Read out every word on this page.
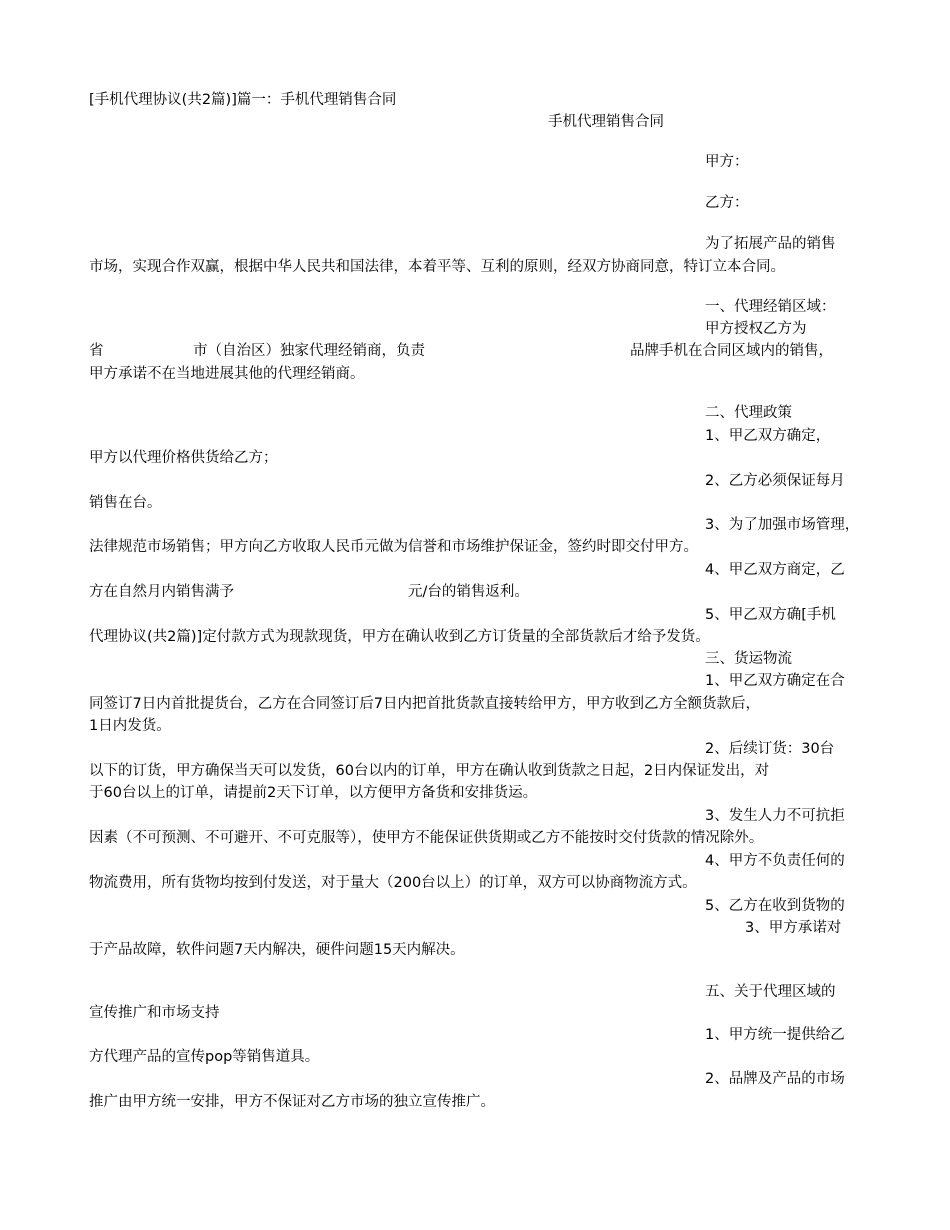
[手机代理协议(共2篇)]篇一：手机代理销售合同
手机代理销售合同
甲方：
乙方：
为了拓展产品的销售
市场，实现合作双赢，根据中华人民共和国法律，本着平等、互利的原则，经双方协商同意，特订立本合同。
一、代理经销区域：
甲方授权乙方为
省	市（自治区）独家代理经销商，负责	品牌手机在合同区域内的销售，
甲方承诺不在当地进展其他的代理经销商。
二、代理政策
1、甲乙双方确定，
甲方以代理价格供货给乙方；
2、乙方必须保证每月
销售在台。
3、为了加强市场管理，
法律规范市场销售；甲方向乙方收取人民币元做为信誉和市场维护保证金，签约时即交付甲方。
4、甲乙双方商定，乙
方在自然月内销售满予	元/台的销售返利。
5、甲乙双方确[手机
代理协议(共2篇)]定付款方式为现款现货，甲方在确认收到乙方订货量的全部货款后才给予发货。
三、货运物流
1、甲乙双方确定在合
同签订7日内首批提货台，乙方在合同签订后7日内把首批货款直接转给甲方，甲方收到乙方全额货款后，
1日内发货。
2、后续订货：30台
以下的订货，甲方确保当天可以发货，60台以内的订单，甲方在确认收到货款之日起，2日内保证发出，对
于60台以上的订单，请提前2天下订单，以方便甲方备货和安排货运。
3、发生人力不可抗拒
因素（不可预测、不可避开、不可克服等），使甲方不能保证供货期或乙方不能按时交付货款的情况除外。
4、甲方不负责任何的
物流费用，所有货物均按到付发送，对于量大（200台以上）的订单，双方可以协商物流方式。
5、乙方在收到货物的
3、甲方承诺对
于产品故障，软件问题7天内解决，硬件问题15天内解决。
五、关于代理区域的
宣传推广和市场支持
1、甲方统一提供给乙
方代理产品的宣传pop等销售道具。
2、品牌及产品的市场
推广由甲方统一安排，甲方不保证对乙方市场的独立宣传推广。
